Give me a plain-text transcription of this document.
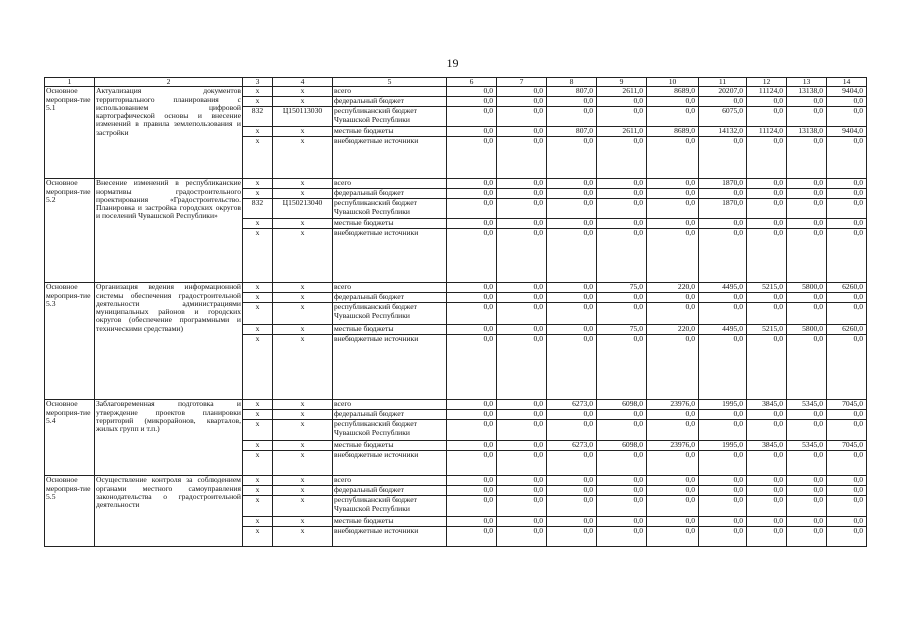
19
1	2	3	4	5	6	7	8	9	10	11	12	13	14
Основное мероприя-тие 5.1	Актуализация документов территориального планирования с использованием цифровой картографической основы и внесение изменений в правила землепользования и застройки	x	x	всего	0,0	0,0	807,0	2611,0	8689,0	20207,0	11124,0	13138,0	9404,0
		x	x	федеральный бюджет	0,0	0,0	0,0	0,0	0,0	0,0	0,0	0,0	0,0
		832	Ц150113030	республиканский бюджет Чувашской Республики	0,0	0,0	0,0	0,0	0,0	6075,0	0,0	0,0	0,0
		x	x	местные бюджеты	0,0	0,0	807,0	2611,0	8689,0	14132,0	11124,0	13138,0	9404,0
		x	x	внебюджетные источники	0,0	0,0	0,0	0,0	0,0	0,0	0,0	0,0	0,0
Основное мероприя-тие 5.2	Внесение изменений в республиканские нормативы градостроительного проектирования «Градостроительство. Планировка и застройка городских округов и поселений Чувашской Республики»	x	x	всего	0,0	0,0	0,0	0,0	0,0	1870,0	0,0	0,0	0,0
		x	x	федеральный бюджет	0,0	0,0	0,0	0,0	0,0	0,0	0,0	0,0	0,0
		832	Ц150213040	республиканский бюджет Чувашской Республики	0,0	0,0	0,0	0,0	0,0	1870,0	0,0	0,0	0,0
		x	x	местные бюджеты	0,0	0,0	0,0	0,0	0,0	0,0	0,0	0,0	0,0
		x	x	внебюджетные источники	0,0	0,0	0,0	0,0	0,0	0,0	0,0	0,0	0,0
Основное мероприя-тие 5.3	Организация ведения информационной системы обеспечения градостроительной деятельности администрациями муниципальных районов и городских округов (обеспечение программными и техническими средствами)	x	x	всего	0,0	0,0	0,0	75,0	220,0	4495,0	5215,0	5800,0	6260,0
		x	x	федеральный бюджет	0,0	0,0	0,0	0,0	0,0	0,0	0,0	0,0	0,0
		x	x	республиканский бюджет Чувашской Республики	0,0	0,0	0,0	0,0	0,0	0,0	0,0	0,0	0,0
		x	x	местные бюджеты	0,0	0,0	0,0	75,0	220,0	4495,0	5215,0	5800,0	6260,0
		x	x	внебюджетные источники	0,0	0,0	0,0	0,0	0,0	0,0	0,0	0,0	0,0
Основное мероприя-тие 5.4	Заблаговременная подготовка и утверждение проектов планировки территорий (микрорайонов, кварталов, жилых групп и т.п.)	x	x	всего	0,0	0,0	6273,0	6098,0	23976,0	1995,0	3845,0	5345,0	7045,0
		x	x	федеральный бюджет	0,0	0,0	0,0	0,0	0,0	0,0	0,0	0,0	0,0
		x	x	республиканский бюджет Чувашской Республики	0,0	0,0	0,0	0,0	0,0	0,0	0,0	0,0	0,0
		x	x	местные бюджеты	0,0	0,0	6273,0	6098,0	23976,0	1995,0	3845,0	5345,0	7045,0
		x	x	внебюджетные источники	0,0	0,0	0,0	0,0	0,0	0,0	0,0	0,0	0,0
Основное мероприя-тие 5.5	Осуществление контроля за соблюдением органами местного самоуправления законодательства о градостроительной деятельности	x	x	всего	0,0	0,0	0,0	0,0	0,0	0,0	0,0	0,0	0,0
		x	x	федеральный бюджет	0,0	0,0	0,0	0,0	0,0	0,0	0,0	0,0	0,0
		x	x	республиканский бюджет Чувашской Республики	0,0	0,0	0,0	0,0	0,0	0,0	0,0	0,0	0,0
		x	x	местные бюджеты	0,0	0,0	0,0	0,0	0,0	0,0	0,0	0,0	0,0
		x	x	внебюджетные источники	0,0	0,0	0,0	0,0	0,0	0,0	0,0	0,0	0,0
